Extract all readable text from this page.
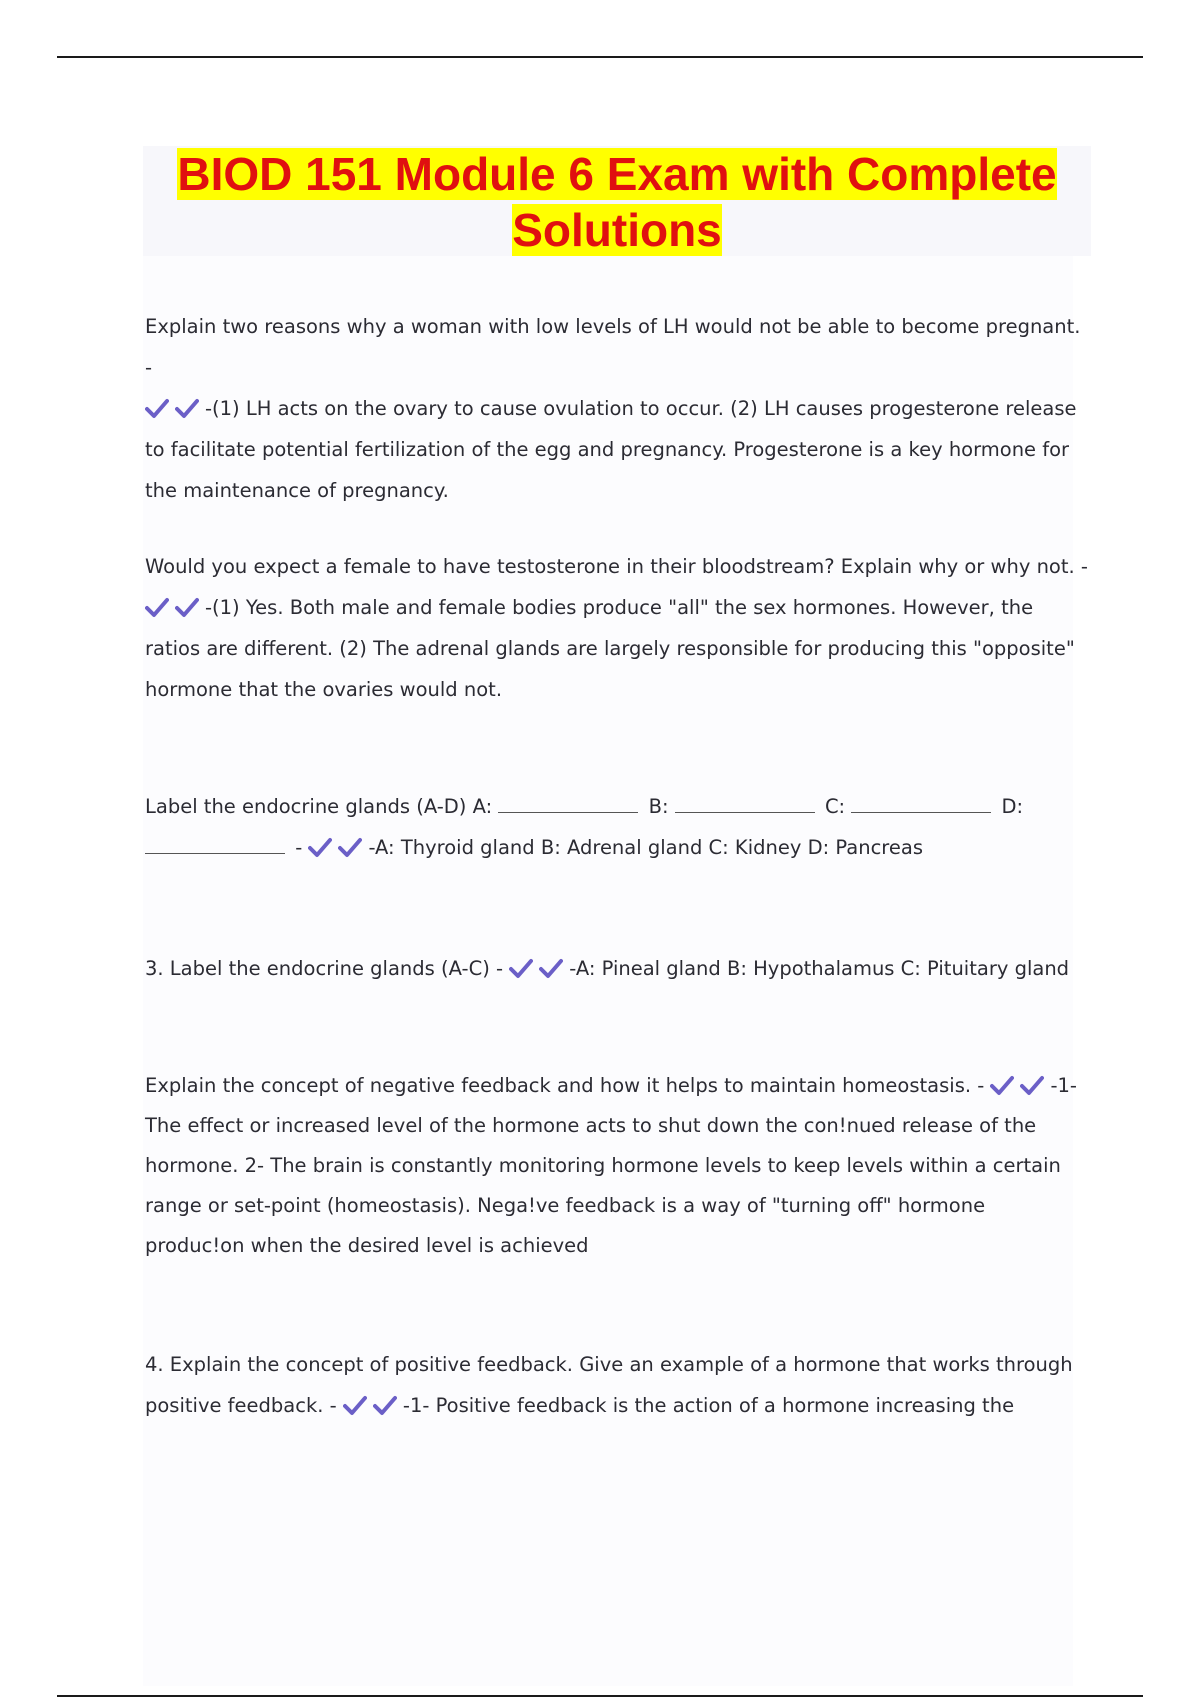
BIOD 151 Module 6 Exam with Complete
Solutions
Explain two reasons why a woman with low levels of LH would not be able to become pregnant. -

-(1) LH acts on the ovary to cause ovulation to occur. (2) LH causes progesterone release to facilitate potential fertilization of the egg and pregnancy. Progesterone is a key hormone for the maintenance of pregnancy.
Would you expect a female to have testosterone in their bloodstream? Explain why or why not. -

-(1) Yes. Both male and female bodies produce "all" the sex hormones. However, the ratios are different. (2) The adrenal glands are largely responsible for producing this "opposite" hormone that the ovaries would not.
Label the endocrine glands (A-D) A:	B:	C:	D:
-	-A: Thyroid gland B: Adrenal gland C: Kidney D: Pancreas
3. Label the endocrine glands (A-C) -	-A: Pineal gland B: Hypothalamus C: Pituitary gland
Explain the concept of negative feedback and how it helps to maintain homeostasis. -	-1- The effect or increased level of the hormone acts to shut down the con!nued release of the hormone. 2- The brain is constantly monitoring hormone levels to keep levels within a certain range or set-point (homeostasis). Nega!ve feedback is a way of "turning off" hormone produc!on when the desired level is achieved
4. Explain the concept of positive feedback. Give an example of a hormone that works through positive feedback. -	-1- Positive feedback is the action of a hormone increasing the
